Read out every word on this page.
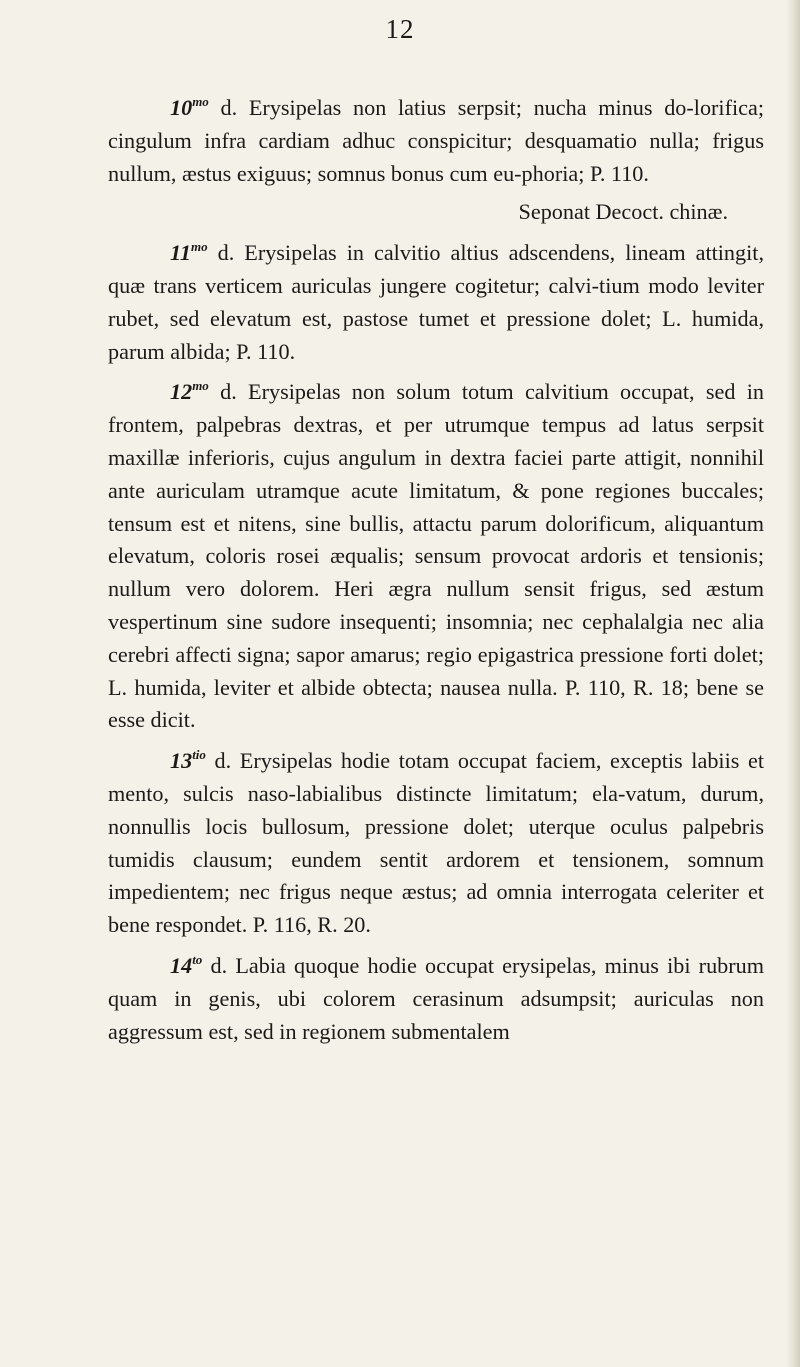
12

$10^{mo}$ d. Erysipelas non latius serpsit; nucha minus do-lorifica; cingulum infra cardiam adhuc conspicitur; desquamatio nulla; frigus nullum, æstus exiguus; somnus bonus cum eu-phoria; P. 110.

Seponat Decoct. chinæ.

$11^{mo}$ d. Erysipelas in calvitio altius adscendens, lineam attingit, quæ trans verticem auriculas jungere cogitetur; calvi-tium modo leviter rubet, sed elevatum est, pastose tumet et pressione dolet; L. humida, parum albida; P. 110.

$12^{mo}$ d. Erysipelas non solum totum calvitium occupat, sed in frontem, palpebras dextras, et per utrumque tempus ad latus serpsit maxillæ inferioris, cujus angulum in dextra faciei parte attigit, nonnihil ante auriculam utramque acute limitatum, & pone regiones buccales; tensum est et nitens, sine bullis, attactu parum dolorificum, aliquantum elevatum, coloris rosei æqualis; sensum provocat ardoris et tensionis; nullum vero dolorem. Heri ægra nullum sensit frigus, sed æstum vespertinum sine sudore insequenti; insomnia; nec cephalalgia nec alia cerebri affecti signa; sapor amarus; regio epigastrica pressione forti dolet; L. humida, leviter et albide obtecta; nausea nulla. P. 110, R. 18; bene se esse dicit.

$13^{tio}$ d. Erysipelas hodie totam occupat faciem, exceptis labiis et mento, sulcis naso-labialibus distincte limitatum; ela-vatum, durum, nonnullis locis bullosum, pressione dolet; uterque oculus palpebris tumidis clausum; eundem sentit ardorem et tensionem, somnum impedientem; nec frigus neque æstus; ad omnia interrogata celeriter et bene respondet. P. 116, R. 20.

$14^{to}$ d. Labia quoque hodie occupat erysipelas, minus ibi rubrum quam in genis, ubi colorem cerasinum adsumpsit; auriculas non aggressum est, sed in regionem submentalem
